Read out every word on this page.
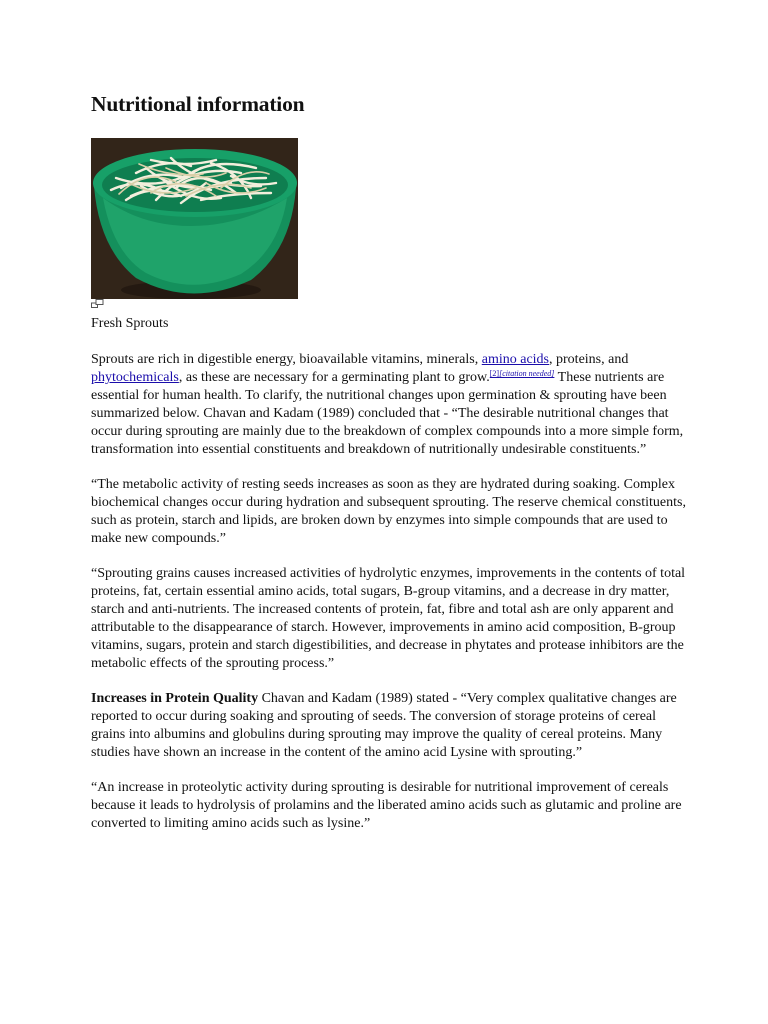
Nutritional information
Fresh Sprouts

Sprouts are rich in digestible energy, bioavailable vitamins, minerals, amino acids, proteins, and phytochemicals, as these are necessary for a germinating plant to grow.[2][citation needed] These nutrients are essential for human health. To clarify, the nutritional changes upon germination & sprouting have been summarized below. Chavan and Kadam (1989) concluded that - “The desirable nutritional changes that occur during sprouting are mainly due to the breakdown of complex compounds into a more simple form, transformation into essential constituents and breakdown of nutritionally undesirable constituents.”

“The metabolic activity of resting seeds increases as soon as they are hydrated during soaking. Complex biochemical changes occur during hydration and subsequent sprouting. The reserve chemical constituents, such as protein, starch and lipids, are broken down by enzymes into simple compounds that are used to make new compounds.”

“Sprouting grains causes increased activities of hydrolytic enzymes, improvements in the contents of total proteins, fat, certain essential amino acids, total sugars, B-group vitamins, and a decrease in dry matter, starch and anti-nutrients. The increased contents of protein, fat, fibre and total ash are only apparent and attributable to the disappearance of starch. However, improvements in amino acid composition, B-group vitamins, sugars, protein and starch digestibilities, and decrease in phytates and protease inhibitors are the metabolic effects of the sprouting process.”

Increases in Protein Quality Chavan and Kadam (1989) stated - “Very complex qualitative changes are reported to occur during soaking and sprouting of seeds. The conversion of storage proteins of cereal grains into albumins and globulins during sprouting may improve the quality of cereal proteins. Many studies have shown an increase in the content of the amino acid Lysine with sprouting.”

“An increase in proteolytic activity during sprouting is desirable for nutritional improvement of cereals because it leads to hydrolysis of prolamins and the liberated amino acids such as glutamic and proline are converted to limiting amino acids such as lysine.”
